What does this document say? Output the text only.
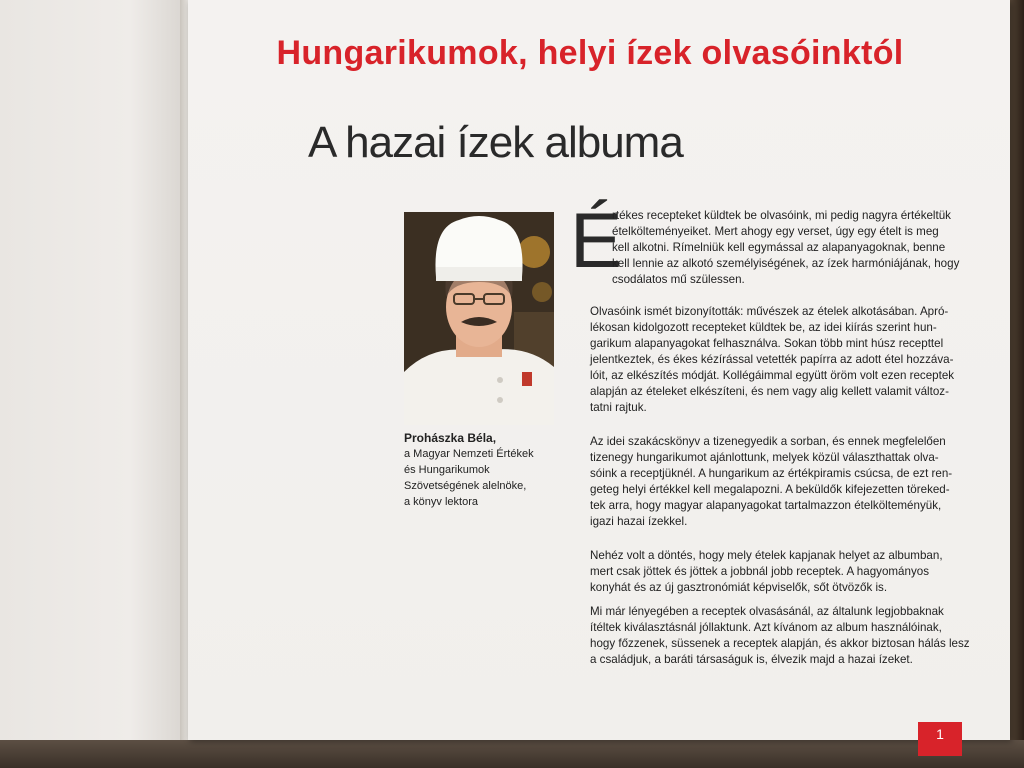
Hungarikumok, helyi ízek olvasóinktól
A hazai ízek albuma
Prohászka Béla,
a Magyar Nemzeti Értékek
és Hungarikumok
Szövetségének alelnöke,
a könyv lektora
É
rtékes recepteket küldtek be olvasóink, mi pedig nagyra értékeltük
ételkölteményeiket. Mert ahogy egy verset, úgy egy ételt is meg
kell alkotni. Rímelniük kell egymással az alapanyagoknak, benne
kell lennie az alkotó személyiségének, az ízek harmóniájának, hogy
csodálatos mű szülessen.
Olvasóink ismét bizonyították: művészek az ételek alkotásában. Apró-
lékosan kidolgozott recepteket küldtek be, az idei kiírás szerint hun-
garikum alapanyagokat felhasználva. Sokan több mint húsz recepttel
jelentkeztek, és ékes kézírással vetették papírra az adott étel hozzáva-
lóit, az elkészítés módját. Kollégáimmal együtt öröm volt ezen receptek
alapján az ételeket elkészíteni, és nem vagy alig kellett valamit változ-
tatni rajtuk.
Az idei szakácskönyv a tizenegyedik a sorban, és ennek megfelelően
tizenegy hungarikumot ajánlottunk, melyek közül választhattak olva-
sóink a receptjüknél. A hungarikum az értékpiramis csúcsa, de ezt ren-
geteg helyi értékkel kell megalapozni. A beküldők kifejezetten töreked-
tek arra, hogy magyar alapanyagokat tartalmazzon ételkölteményük,
igazi hazai ízekkel.
Nehéz volt a döntés, hogy mely ételek kapjanak helyet az albumban,
mert csak jöttek és jöttek a jobbnál jobb receptek. A hagyományos
konyhát és az új gasztronómiát képviselők, sőt ötvözők is.
Mi már lényegében a receptek olvasásánál, az általunk legjobbaknak
ítéltek kiválasztásnál jóllaktunk. Azt kívánom az album használóinak,
hogy főzzenek, süssenek a receptek alapján, és akkor biztosan hálás lesz
a családjuk, a baráti társaságuk is, élvezik majd a hazai ízeket.
1
